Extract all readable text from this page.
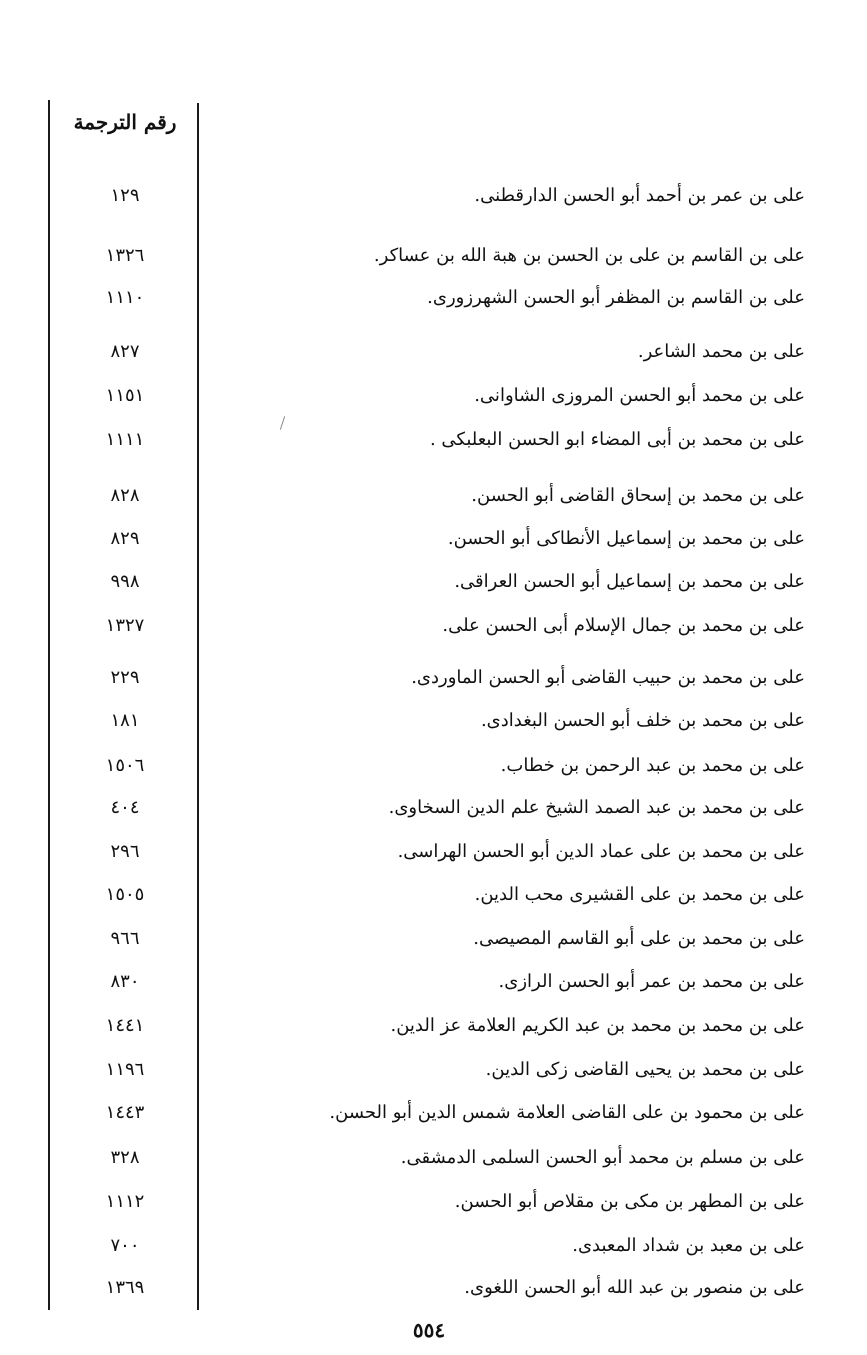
رقم الترجمة
على بن عمر بن أحمد أبو الحسن الدارقطنى.
١٢٩
على بن القاسم بن على بن الحسن بن هبة الله بن عساكر.
١٣٢٦
على بن القاسم بن المظفر أبو الحسن الشهرزورى.
١١١٠
على بن محمد الشاعر.
٨٢٧
على بن محمد أبو الحسن المروزى الشاوانى.
١١٥١
على بن محمد بن أبى المضاء ابو الحسن البعلبكى .
١١١١
على بن محمد بن إسحاق القاضى أبو الحسن.
٨٢٨
على بن محمد بن إسماعيل الأنطاكى أبو الحسن.
٨٢٩
على بن محمد بن إسماعيل أبو الحسن العراقى.
٩٩٨
على بن محمد بن جمال الإسلام أبى الحسن على.
١٣٢٧
على بن محمد بن حبيب القاضى أبو الحسن الماوردى.
٢٢٩
على بن محمد بن خلف أبو الحسن البغدادى.
١٨١
على بن محمد بن عبد الرحمن بن خطاب.
١٥٠٦
على بن محمد بن عبد الصمد الشيخ علم الدين السخاوى.
٤٠٤
على بن محمد بن على عماد الدين أبو الحسن الهراسى.
٢٩٦
على بن محمد بن على القشيرى محب الدين.
١٥٠٥
على بن محمد بن على أبو القاسم المصيصى.
٩٦٦
على بن محمد بن عمر أبو الحسن الرازى.
٨٣٠
على بن محمد بن محمد بن عبد الكريم العلامة عز الدين.
١٤٤١
على بن محمد بن يحيى القاضى زكى الدين.
١١٩٦
على بن محمود بن على القاضى العلامة شمس الدين أبو الحسن.
١٤٤٣
على بن مسلم بن محمد أبو الحسن السلمى الدمشقى.
٣٢٨
على بن المطهر بن مكى بن مقلاص أبو الحسن.
١١١٢
على بن معبد بن شداد المعبدى.
٧٠٠
على بن منصور بن عبد الله أبو الحسن اللغوى.
١٣٦٩
٥٥٤
